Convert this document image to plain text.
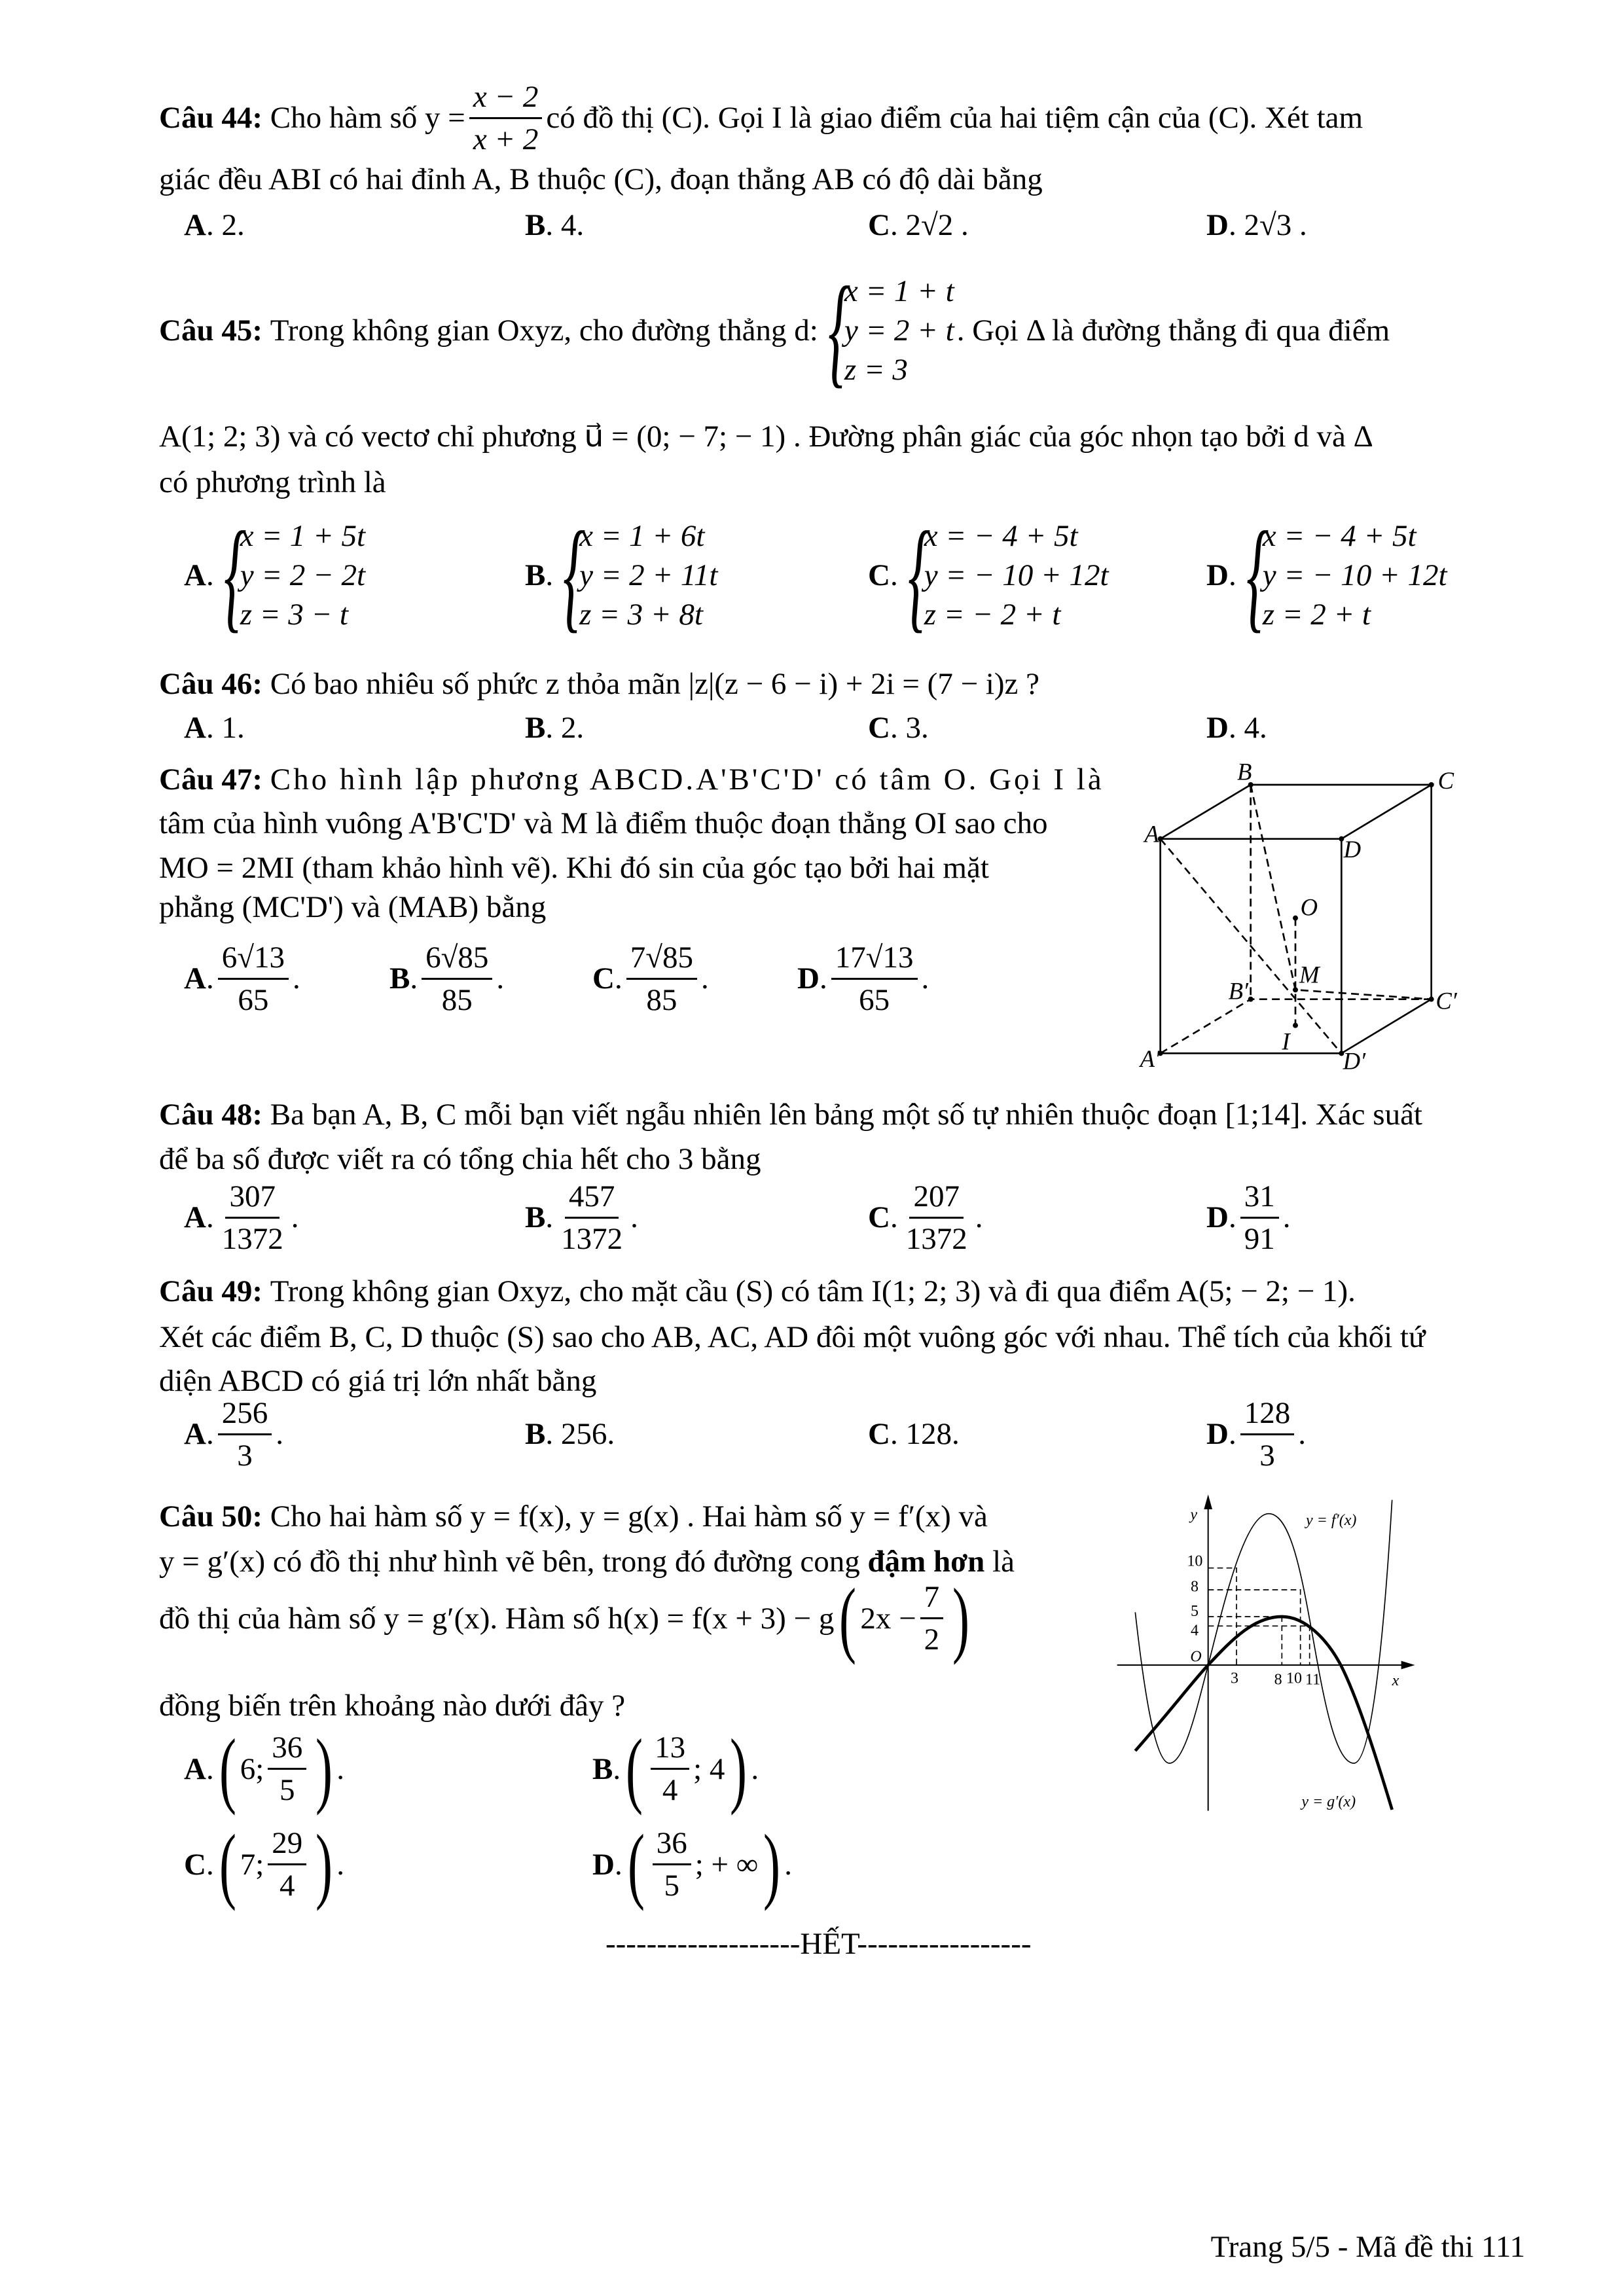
Câu 44:
Cho hàm số $y = \frac{x - 2}{x + 2}$ có đồ thị (C). Gọi I là giao điểm của hai tiệm cận của (C). Xét tam
giác đều ABI có hai đỉnh A, B thuộc (C), đoạn thẳng AB có độ dài bằng
A . 2.	B . 4.	C . 2√2 .	D . 2√3 .
Câu 45:
Trong không gian Oxyz, cho đường thẳng d: {
x = 1 + t
y = 2 + t
z = 3
. Gọi Δ là đường thẳng đi qua điểm
A(1; 2; 3) và có vectơ chỉ phương u⃗ = (0; − 7; − 1) . Đường phân giác của góc nhọn tạo bởi d và Δ
có phương trình là
A . {
x = 1 + 5t
y = 2 − 2t
z = 3 − t
B . {
x = 1 + 6t
y = 2 + 11t
z = 3 + 8t
C . {
x = − 4 + 5t
y = − 10 + 12t
z = − 2 + t
D . {
x = − 4 + 5t
y = − 10 + 12t
z = 2 + t
Câu 46:
Có bao nhiêu số phức z thỏa mãn |z|(z − 6 − i) + 2i = (7 − i)z ?
A . 1.	B . 2.	C . 3.	D . 4.
Câu 47:
Cho hình lập phương ABCD.A'B'C'D' có tâm O. Gọi I là
tâm của hình vuông A'B'C'D' và M là điểm thuộc đoạn thẳng OI sao cho
MO = 2MI (tham khảo hình vẽ). Khi đó sin của góc tạo bởi hai mặt
phẳng (MC'D') và (MAB) bằng
A . $\frac{6√13}{65}$ .	B . $\frac{6√85}{85}$ .	C . $\frac{7√85}{85}$ .	D . $\frac{17√13}{65}$ .
B	C
A
D
O
M
B′	C′
I
A′	D′
Câu 48:
Ba bạn A, B, C mỗi bạn viết ngẫu nhiên lên bảng một số tự nhiên thuộc đoạn [1;14]. Xác suất
để ba số được viết ra có tổng chia hết cho 3 bằng
A . $\frac{307}{1372}$ .	B . $\frac{457}{1372}$ .	C . $\frac{207}{1372}$ .	D . $\frac{31}{91}$ .
Câu 49:
Trong không gian Oxyz, cho mặt cầu (S) có tâm I(1; 2; 3) và đi qua điểm A(5; − 2; − 1).
Xét các điểm B, C, D thuộc (S) sao cho AB, AC, AD đôi một vuông góc với nhau. Thể tích của khối tứ
diện ABCD có giá trị lớn nhất bằng
A . $\frac{256}{3}$ .	B . 256.	C . 128.	D . $\frac{128}{3}$ .
Câu 50:
Cho hai hàm số y = f(x), y = g(x) . Hai hàm số y = f′(x) và
y = g′(x) có đồ thị như hình vẽ bên, trong đó đường cong
đậm hơn
là
đồ thị của hàm số y = g′(x). Hàm số h(x) = f(x + 3) − g ( $2x - \frac{7}{2}$ )
đồng biến trên khoảng nào dưới đây ?
A . ( 6; $\frac{36}{5}$ ) .	B . ( $\frac{13}{4}$ ; 4 ) .
C . ( 7; $\frac{29}{4}$ ) .	D . ( $\frac{36}{5}$ ; + ∞ ) .
y
x
O
10
8
5
4
3 8 10 11
y = f′(x)
y = g′(x)
-------------------HẾT-----------------
Trang 5/5 - Mã đề thi 111
